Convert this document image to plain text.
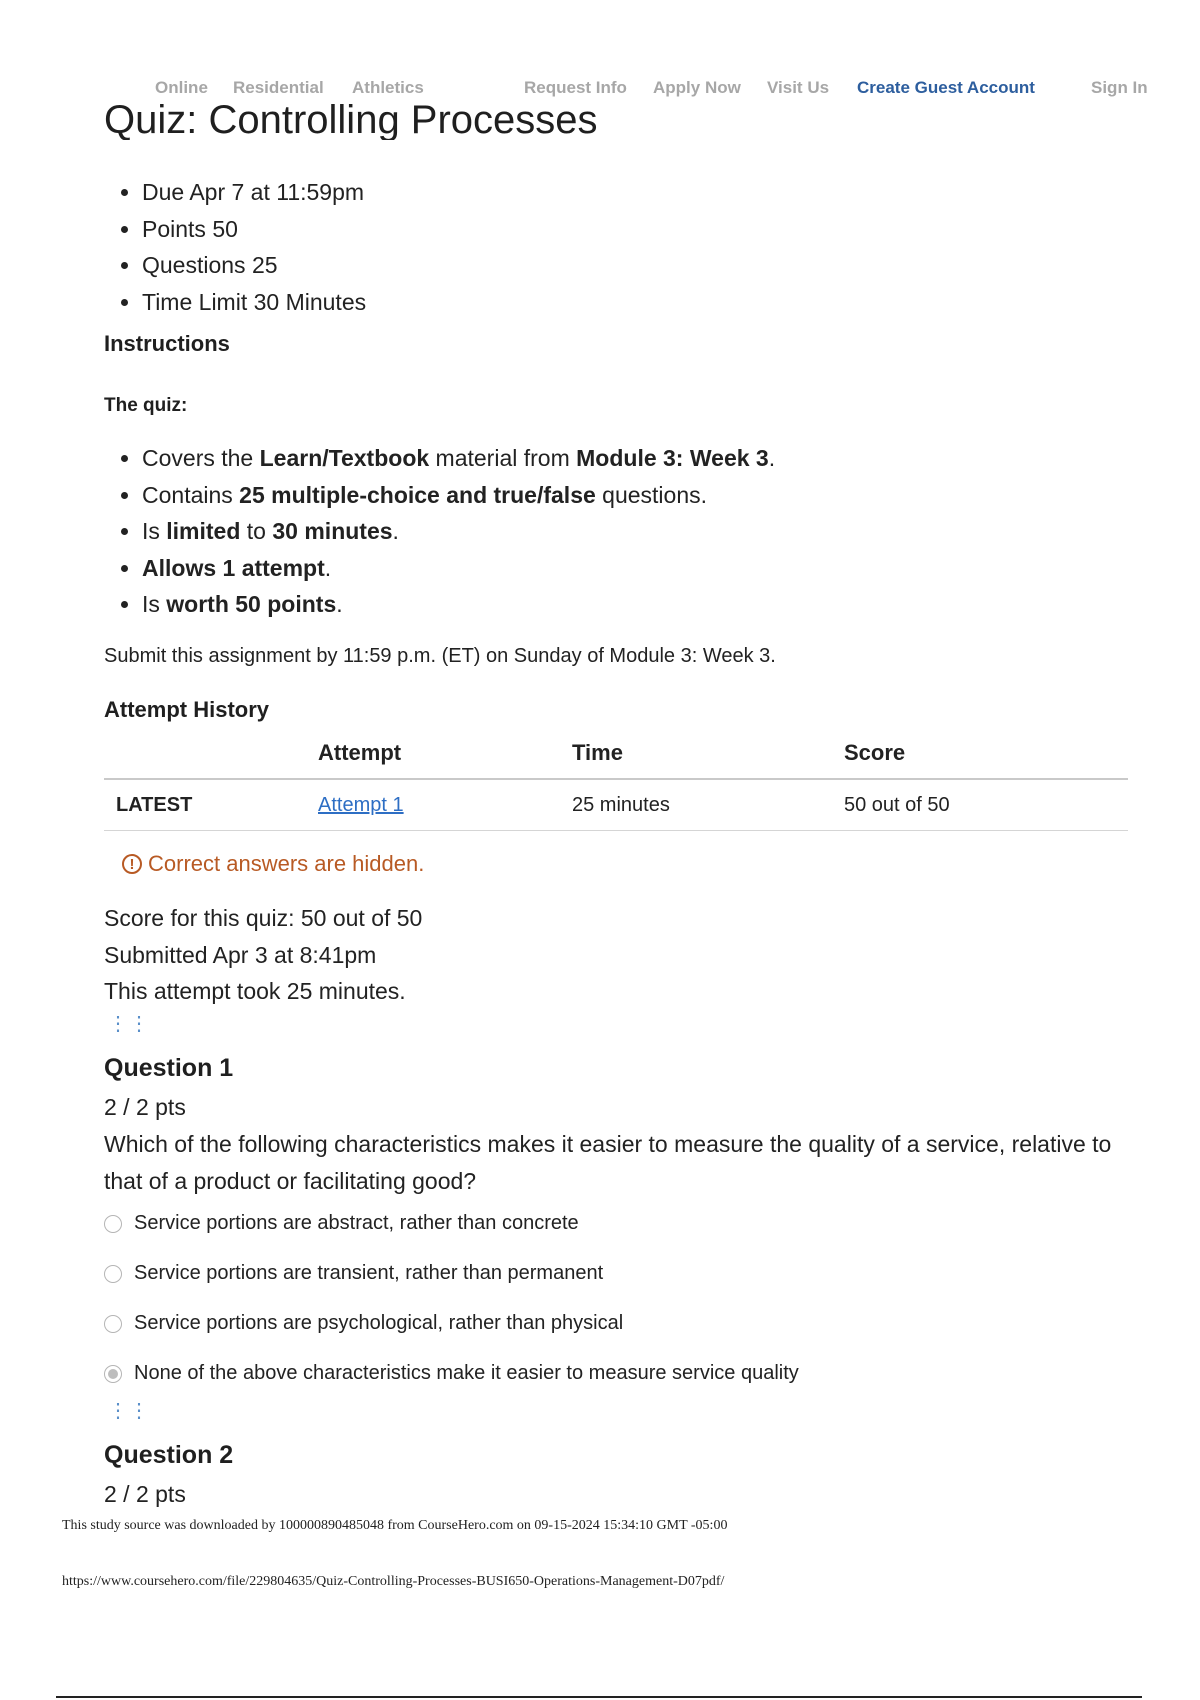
Online Residential Athletics	Request Info Apply Now Visit Us Create Guest Account	Sign In
Quiz: Controlling Processes
• Due Apr 7 at 11:59pm
• Points 50
• Questions 25
• Time Limit 30 Minutes
Instructions
The quiz:
• Covers the Learn/Textbook material from Module 3: Week 3.
• Contains 25 multiple-choice and true/false questions.
• Is limited to 30 minutes.
• Allows 1 attempt.
• Is worth 50 points.
Submit this assignment by 11:59 p.m. (ET) on Sunday of Module 3: Week 3.
Attempt History
	Attempt	Time	Score
LATEST	Attempt 1	25 minutes	50 out of 50
! Correct answers are hidden.
Score for this quiz: 50 out of 50
Submitted Apr 3 at 8:41pm
This attempt took 25 minutes.
⋮⋮
Question 1
2 / 2 pts
Which of the following characteristics makes it easier to measure the quality of a service, relative to that of a product or facilitating good?
Service portions are abstract, rather than concrete
Service portions are transient, rather than permanent
Service portions are psychological, rather than physical
None of the above characteristics make it easier to measure service quality
⋮⋮
Question 2
2 / 2 pts
This study source was downloaded by 100000890485048 from CourseHero.com on 09-15-2024 15:34:10 GMT -05:00
https://www.coursehero.com/file/229804635/Quiz-Controlling-Processes-BUSI650-Operations-Management-D07pdf/
